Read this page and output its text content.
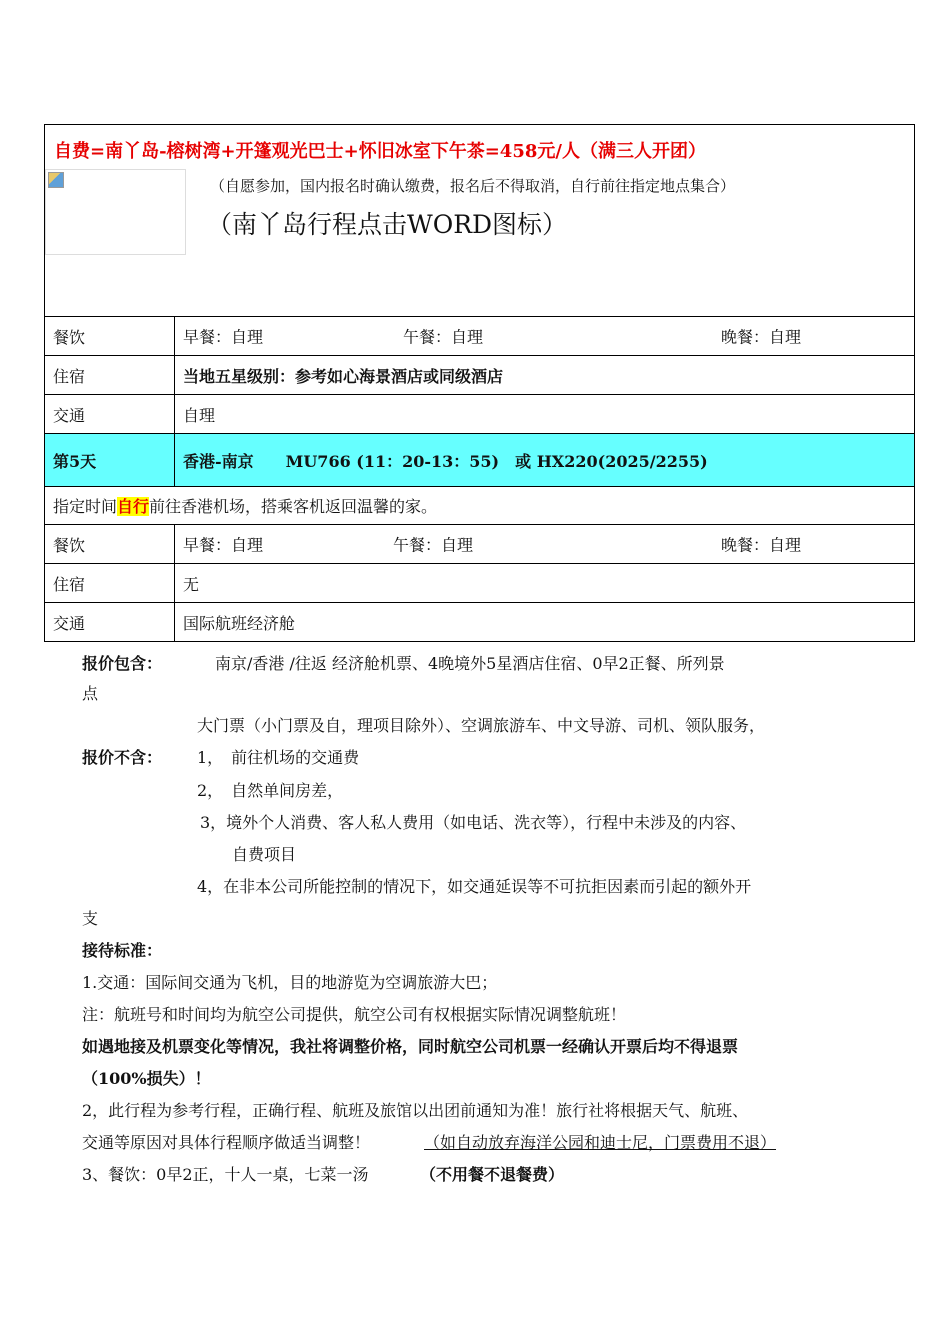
自费=南丫岛-榕树湾+开篷观光巴士+怀旧冰室下午茶=458元/人（满三人开团）
（自愿参加，国内报名时确认缴费，报名后不得取消，自行前往指定地点集合）
（南丫岛行程点击WORD图标）	

餐饮	早餐：自理 午餐：自理 晚餐：自理

住宿	当地五星级别：参考如心海景酒店或同级酒店
交通	自理
第5天	香港-南京　　MU766 (11：20-13：55)　或 HX220(2025/2255)
指定时间自行前往香港机场，搭乘客机返回温馨的家。	
餐饮	早餐：自理 午餐：自理 晚餐：自理

住宿	无
交通	国际航班经济舱
报价包含：	南京/香港 /往返 经济舱机票、4晚境外5星酒店住宿、0早2正餐、所列景
点
大门票（小门票及自，理项目除外）、空调旅游车、中文导游、司机、领队服务，
报价不含： 1，　前往机场的交通费
2，　自然单间房差，
3，境外个人消费、客人私人费用（如电话、洗衣等），行程中未涉及的内容、
自费项目
4，在非本公司所能控制的情况下，如交通延误等不可抗拒因素而引起的额外开
支
接待标准：
1.交通：国际间交通为飞机，目的地游览为空调旅游大巴；
注：航班号和时间均为航空公司提供，航空公司有权根据实际情况调整航班！
如遇地接及机票变化等情况，我社将调整价格，同时航空公司机票一经确认开票后均不得退票
（100%损失）！
2，此行程为参考行程，正确行程、航班及旅馆以出团前通知为准！旅行社将根据天气、航班、
交通等原因对具体行程顺序做适当调整！	（如自动放弃海洋公园和迪士尼，门票费用不退）
3、餐饮：0早2正，十人一桌，七菜一汤	（不用餐不退餐费）
